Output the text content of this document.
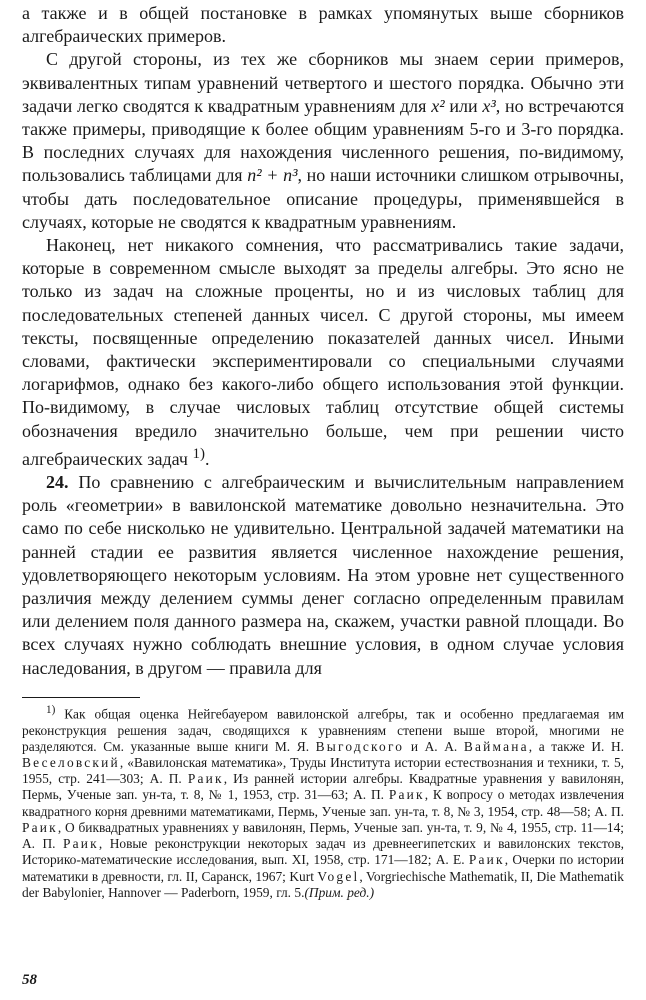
а также и в общей постановке в рамках упомянутых выше сборников алгебраических примеров.

С другой стороны, из тех же сборников мы знаем серии примеров, эквивалентных типам уравнений четвертого и шестого порядка. Обычно эти задачи легко сводятся к квадратным уравнениям для x² или x³, но встречаются также примеры, приводящие к более общим уравнениям 5-го и 3-го порядка. В последних случаях для нахождения численного решения, по-видимому, пользовались таблицами для n² + n³, но наши источники слишком отрывочны, чтобы дать последовательное описание процедуры, применявшейся в случаях, которые не сводятся к квадратным уравнениям.

Наконец, нет никакого сомнения, что рассматривались такие задачи, которые в современном смысле выходят за пределы алгебры. Это ясно не только из задач на сложные проценты, но и из числовых таблиц для последовательных степеней данных чисел. С другой стороны, мы имеем тексты, посвященные определению показателей данных чисел. Иными словами, фактически экспериментировали со специальными случаями логарифмов, однако без какого-либо общего использования этой функции. По-видимому, в случае числовых таблиц отсутствие общей системы обозначения вредило значительно больше, чем при решении чисто алгебраических задач $^{1)}$.

24. По сравнению с алгебраическим и вычислительным направлением роль «геометрии» в вавилонской математике довольно незначительна. Это само по себе нисколько не удивительно. Центральной задачей математики на ранней стадии ее развития является численное нахождение решения, удовлетворяющего некоторым условиям. На этом уровне нет существенного различия между делением суммы денег согласно определенным правилам или делением поля данного размера на, скажем, участки равной площади. Во всех случаях нужно соблюдать внешние условия, в одном случае условия наследования, в другом — правила для

$^{1)}$ Как общая оценка Нейгебауером вавилонской алгебры, так и особенно предлагаемая им реконструкция решения задач, сводящихся к уравнениям степени выше второй, многими не разделяются. См. указанные выше книги М. Я. Выгодского и А. А. Ваймана, а также И. Н. Веселовский, «Вавилонская математика», Труды Института истории естествознания и техники, т. 5, 1955, стр. 241—303; А. П. Раик, Из ранней истории алгебры. Квадратные уравнения у вавилонян, Пермь, Ученые зап. ун-та, т. 8, № 1, 1953, стр. 31—63; А. П. Раик, К вопросу о методах извлечения квадратного корня древними математиками, Пермь, Ученые зап. ун-та, т. 8, № 3, 1954, стр. 48—58; А. П. Раик, О биквадратных уравнениях у вавилонян, Пермь, Ученые зап. ун-та, т. 9, № 4, 1955, стр. 11—14; А. П. Раик, Новые реконструкции некоторых задач из древнеегипетских и вавилонских текстов, Историко-математические исследования, вып. XI, 1958, стр. 171—182; А. Е. Раик, Очерки по истории математики в древности, гл. II, Саранск, 1967; Kurt Vogel, Vorgriechische Mathematik, II, Die Mathematik der Babylonier, Hannover — Paderborn, 1959, гл. 5.(Прим. ред.)

58
